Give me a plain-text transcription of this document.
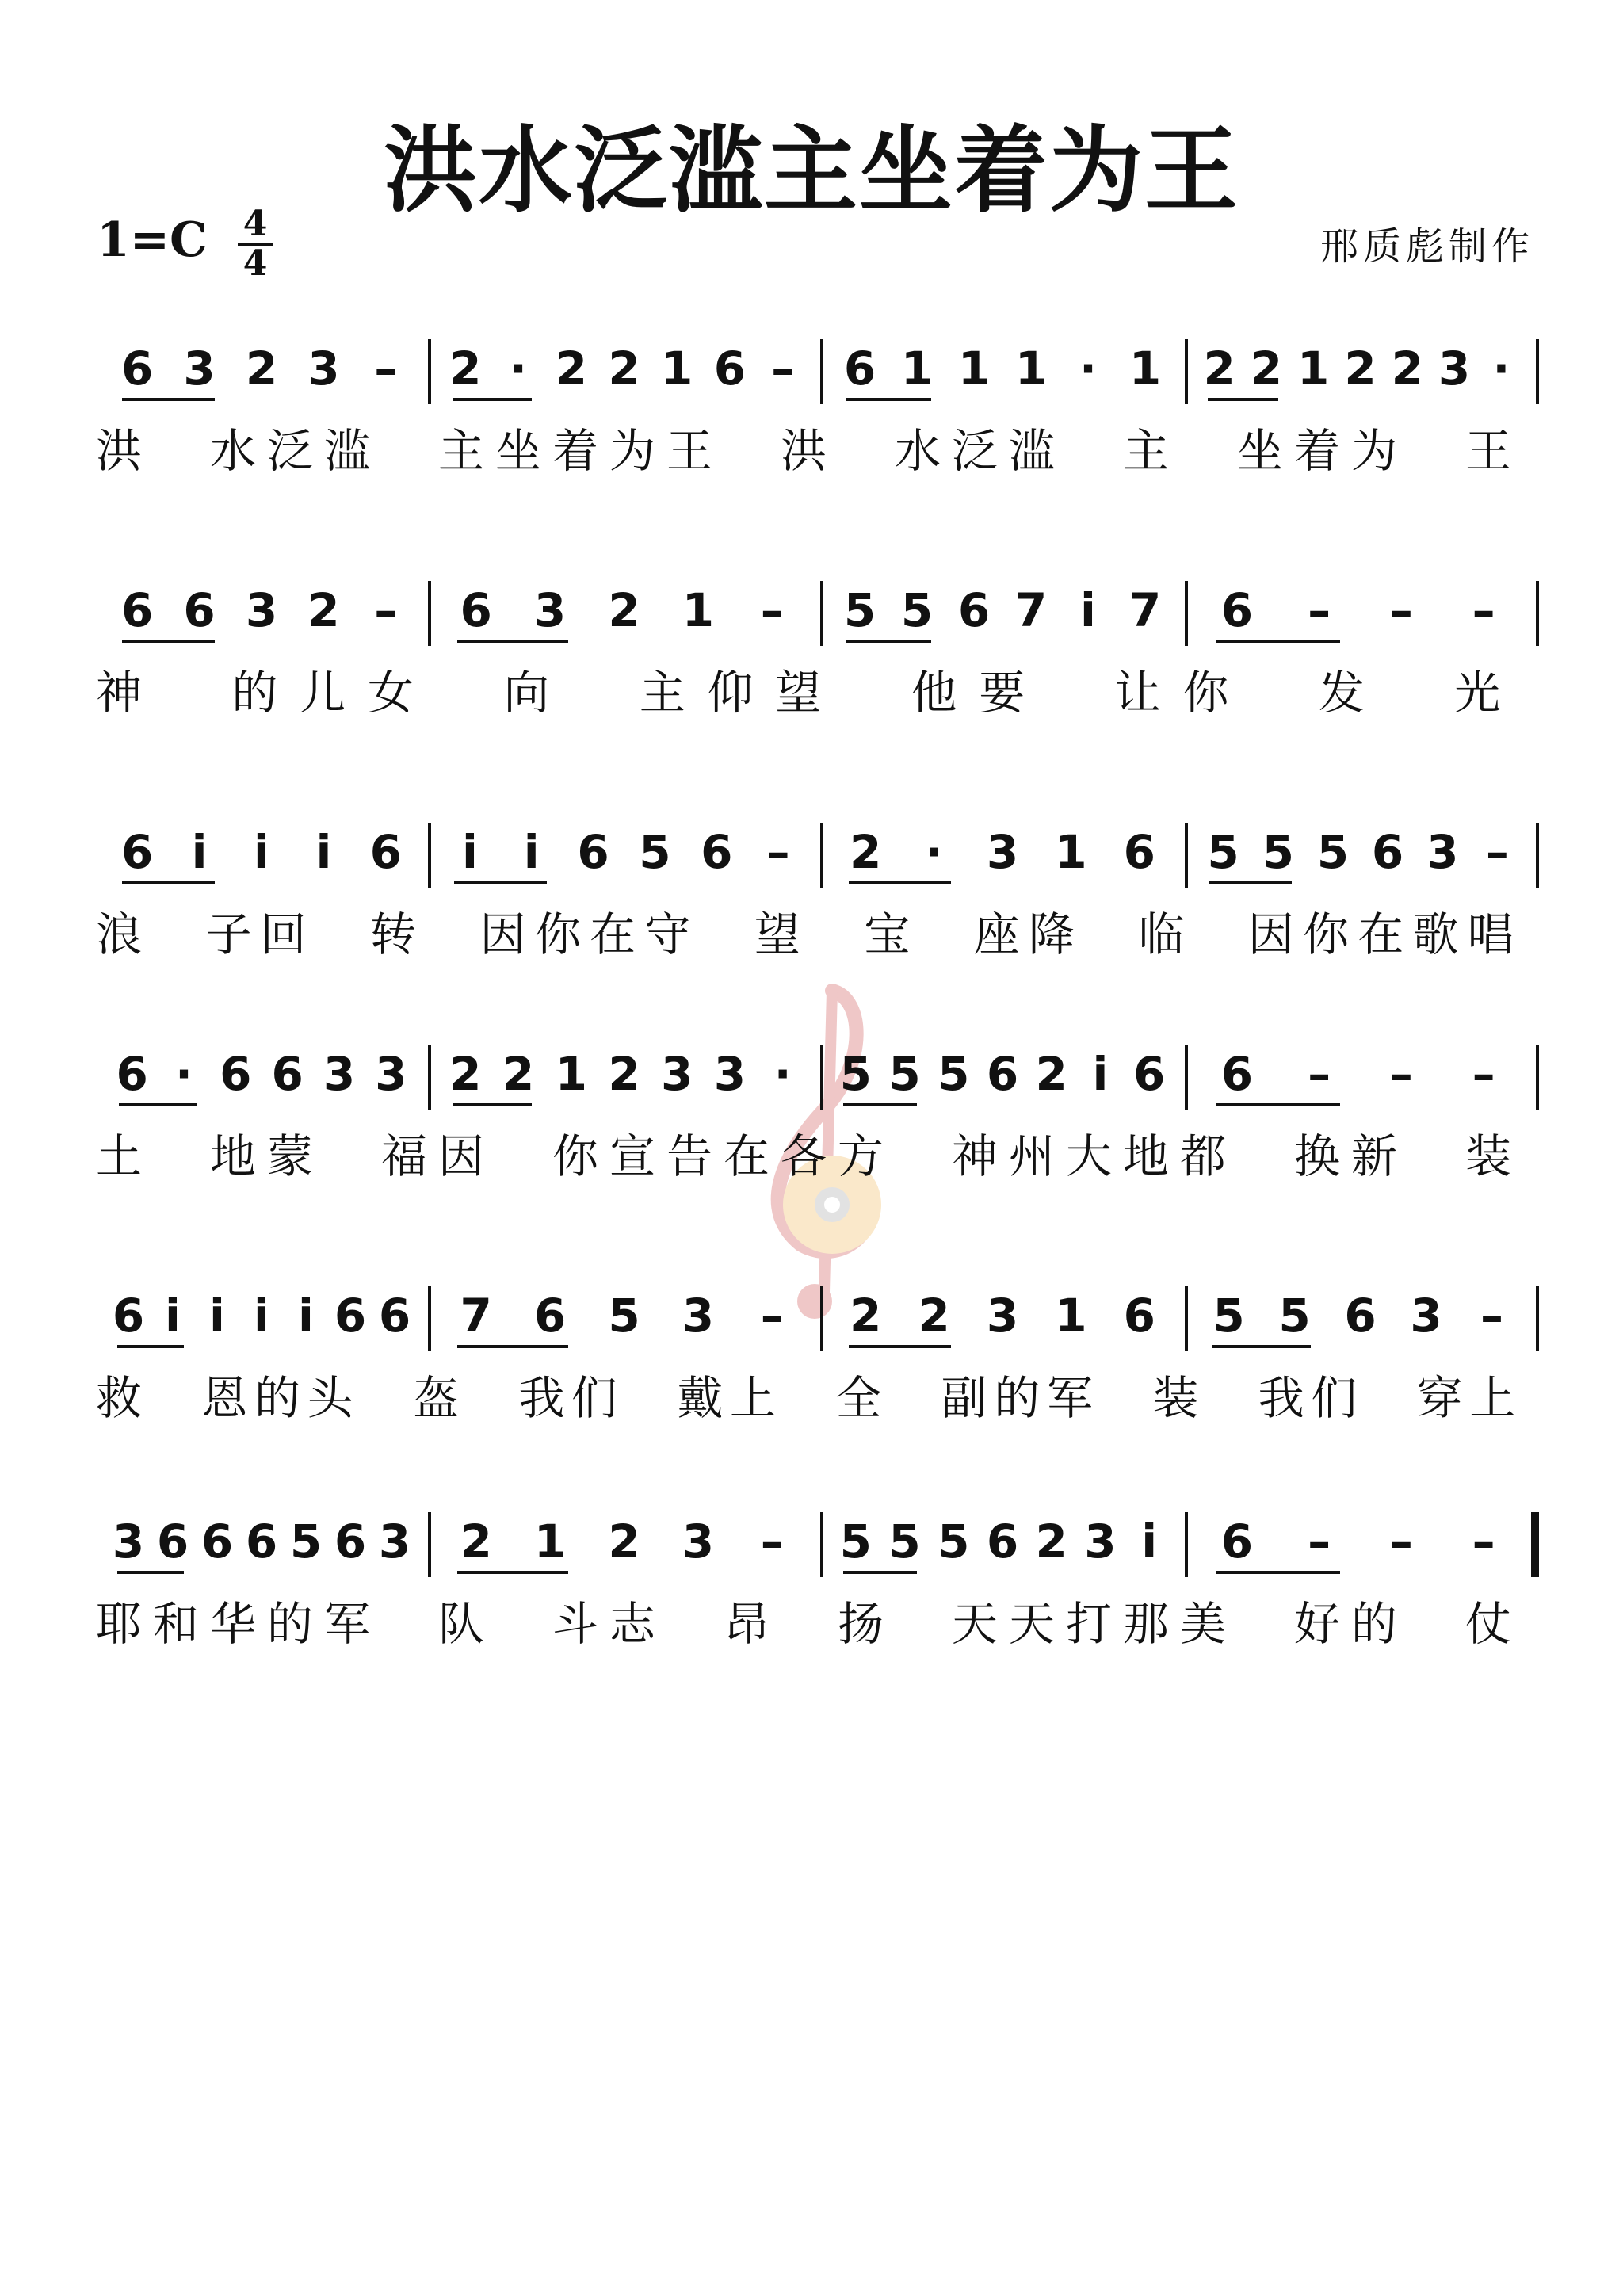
洪水泛滥主坐着为王
1=C 4
4	邢质彪制作
6 3 2 3 – 2 · 2 2 1 6 – 6 1 1 1 · 1 2 2 1 2 2 3 ·
洪 水 泛 滥 主 坐 着 为 王 洪 水 泛 滥 主 坐 着 为 王
6 6 3 2 – 6 3 2 1 – 5 5 6 7 i 7 6 – – –
神 的 儿 女 向 主 仰 望 他 要 让 你 发 光
6 i i i 6 i i 6 5 6 – 2 · 3 1 6 5 5 5 6 3 –
浪 子 回 转 因 你 在 守 望 宝 座 降 临 因 你 在 歌 唱
6 · 6 6 3 3 2 2 1 2 3 3 · 5 5 5 6 2 i 6 6 – – –
土 地 蒙 福 因 你 宣 告 在 各 方 神 州 大 地 都 换 新 装
6 i i i i 6 6 7 6 5 3 – 2 2 3 1 6 5 5 6 3 –
救 恩 的 头 盔 我 们 戴 上 全 副 的 军 装 我 们 穿 上
3 6 6 6 5 6 3 2 1 2 3 – 5 5 5 6 2 3 i 6 – – –
耶 和 华 的 军 队 斗 志 昂 扬 天 天 打 那 美 好 的 仗
